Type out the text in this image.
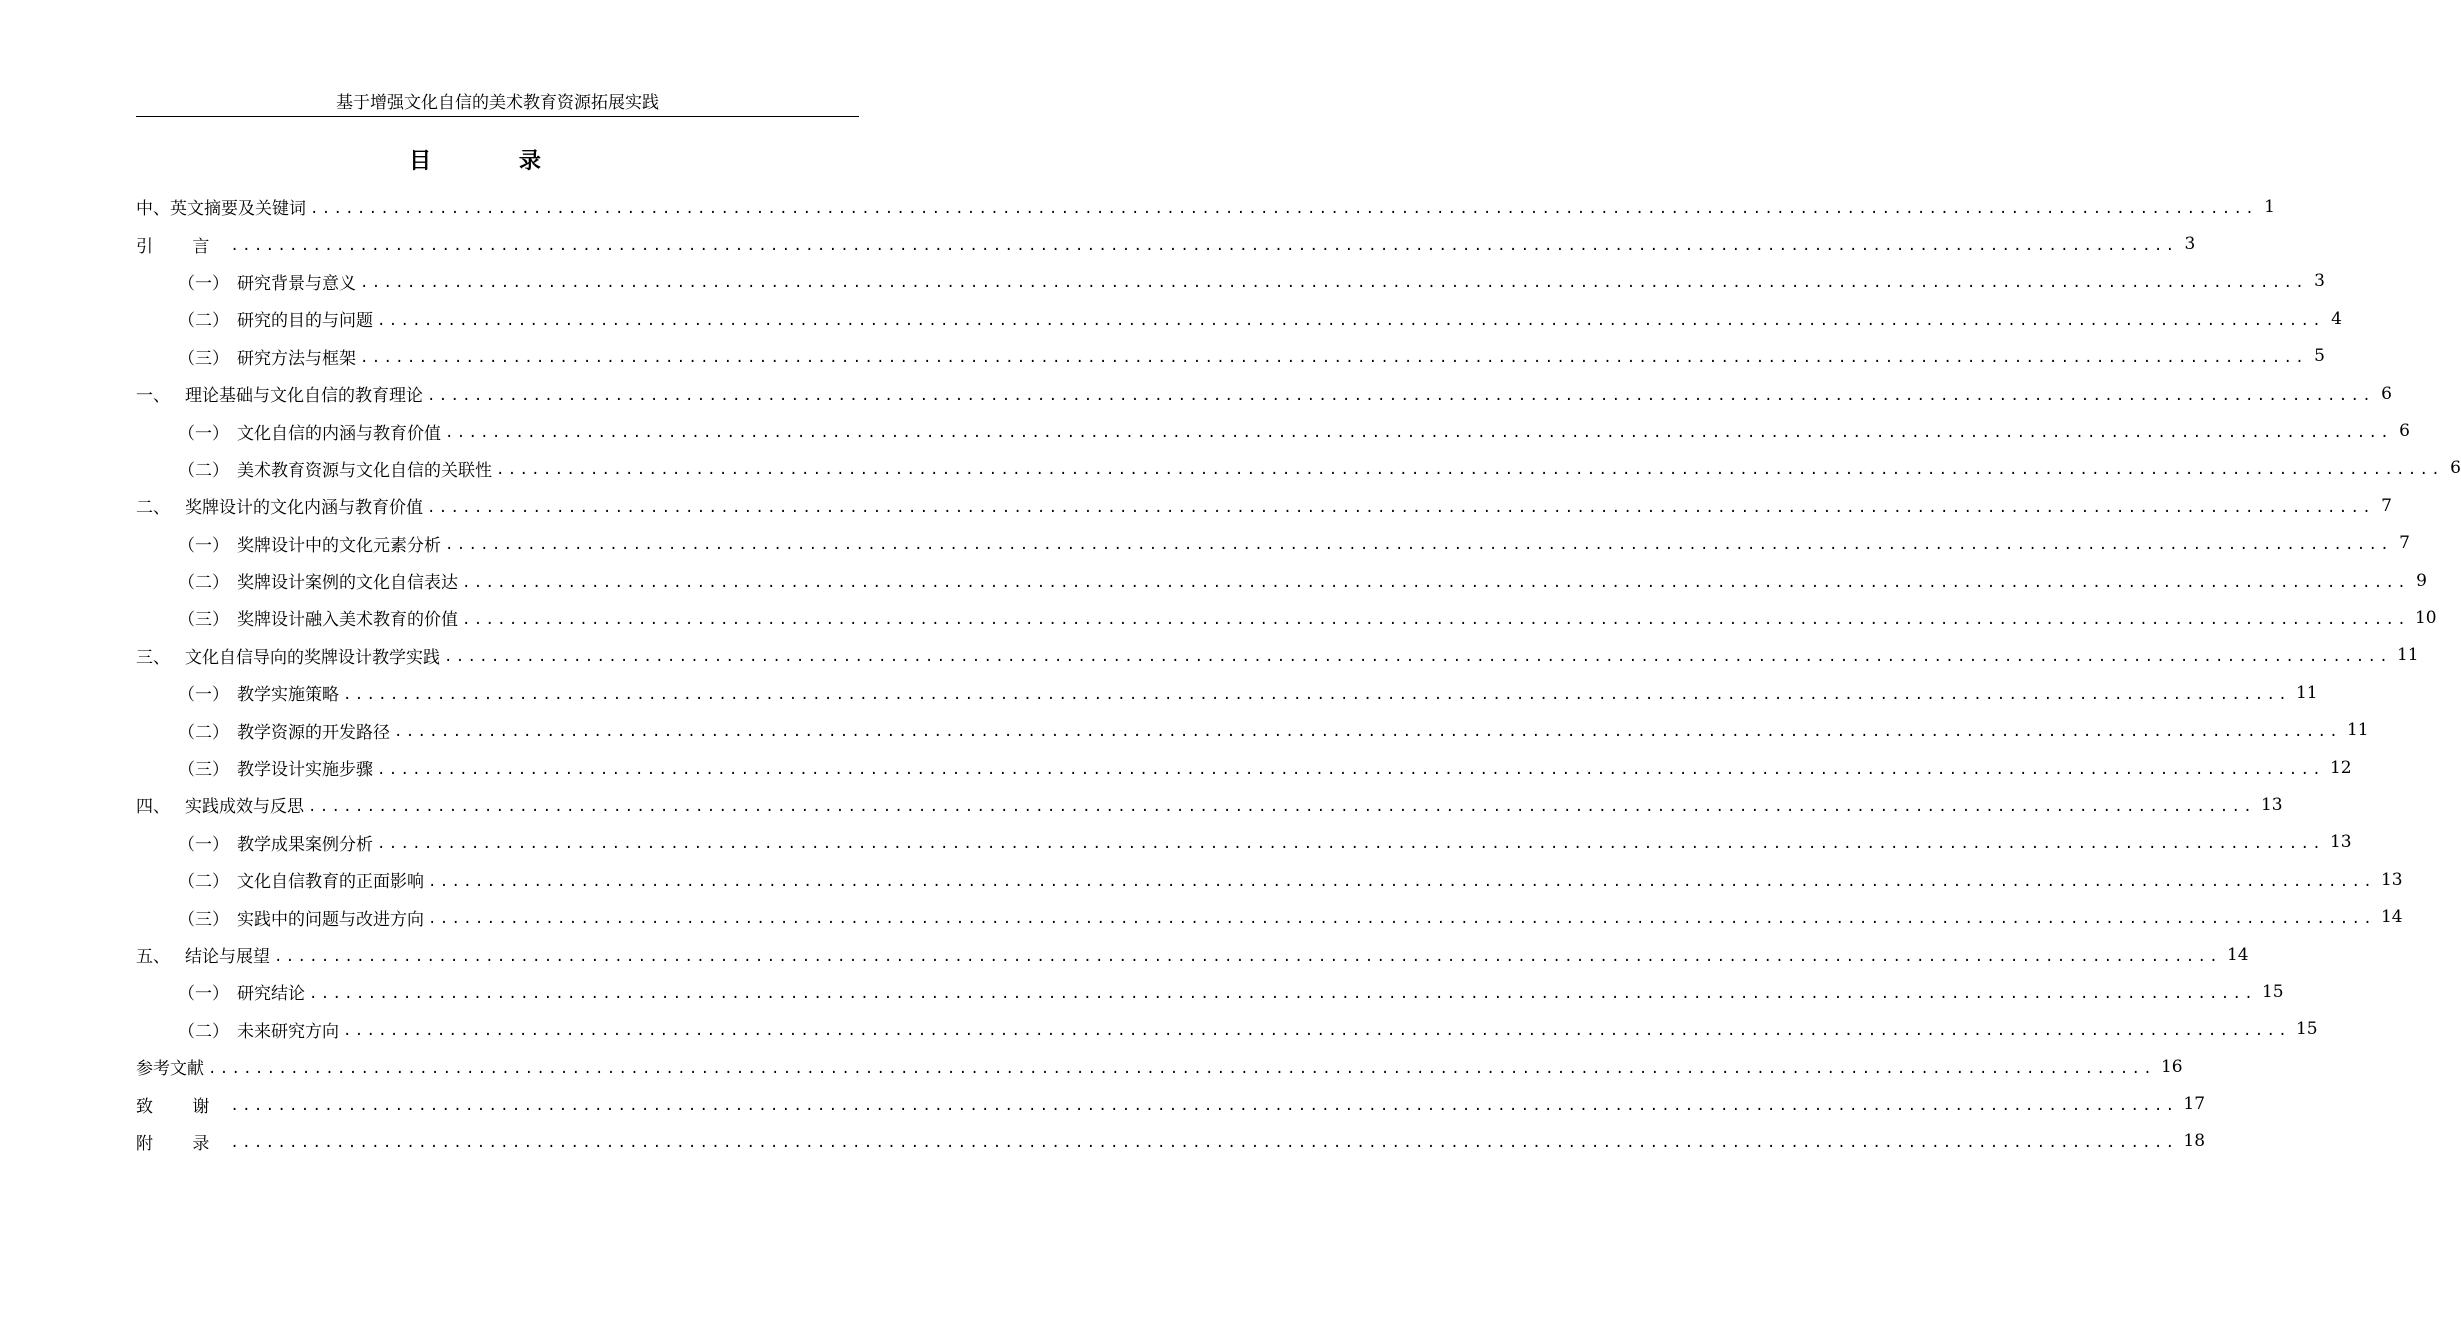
基于增强文化自信的美术教育资源拓展实践
目 录
中、英文摘要及关键词 ...................................................................................................................................................................... 1
引 言 ...................................................................................................................................................................... 3
（一） 研究背景与意义 ...................................................................................................................................................................... 3
（二） 研究的目的与问题 ...................................................................................................................................................................... 4
（三） 研究方法与框架 ...................................................................................................................................................................... 5
一、 理论基础与文化自信的教育理论 ...................................................................................................................................................................... 6
（一） 文化自信的内涵与教育价值 ...................................................................................................................................................................... 6
（二） 美术教育资源与文化自信的关联性 ...................................................................................................................................................................... 6
二、 奖牌设计的文化内涵与教育价值 ...................................................................................................................................................................... 7
（一） 奖牌设计中的文化元素分析 ...................................................................................................................................................................... 7
（二） 奖牌设计案例的文化自信表达 ...................................................................................................................................................................... 9
（三） 奖牌设计融入美术教育的价值 ...................................................................................................................................................................... 10
三、 文化自信导向的奖牌设计教学实践 ...................................................................................................................................................................... 11
（一） 教学实施策略 ...................................................................................................................................................................... 11
（二） 教学资源的开发路径 ...................................................................................................................................................................... 11
（三） 教学设计实施步骤 ...................................................................................................................................................................... 12
四、 实践成效与反思 ...................................................................................................................................................................... 13
（一） 教学成果案例分析 ...................................................................................................................................................................... 13
（二） 文化自信教育的正面影响 ...................................................................................................................................................................... 13
（三） 实践中的问题与改进方向 ...................................................................................................................................................................... 14
五、 结论与展望 ...................................................................................................................................................................... 14
（一） 研究结论 ...................................................................................................................................................................... 15
（二） 未来研究方向 ...................................................................................................................................................................... 15
参考文献 ...................................................................................................................................................................... 16
致 谢 ...................................................................................................................................................................... 17
附 录 ...................................................................................................................................................................... 18
